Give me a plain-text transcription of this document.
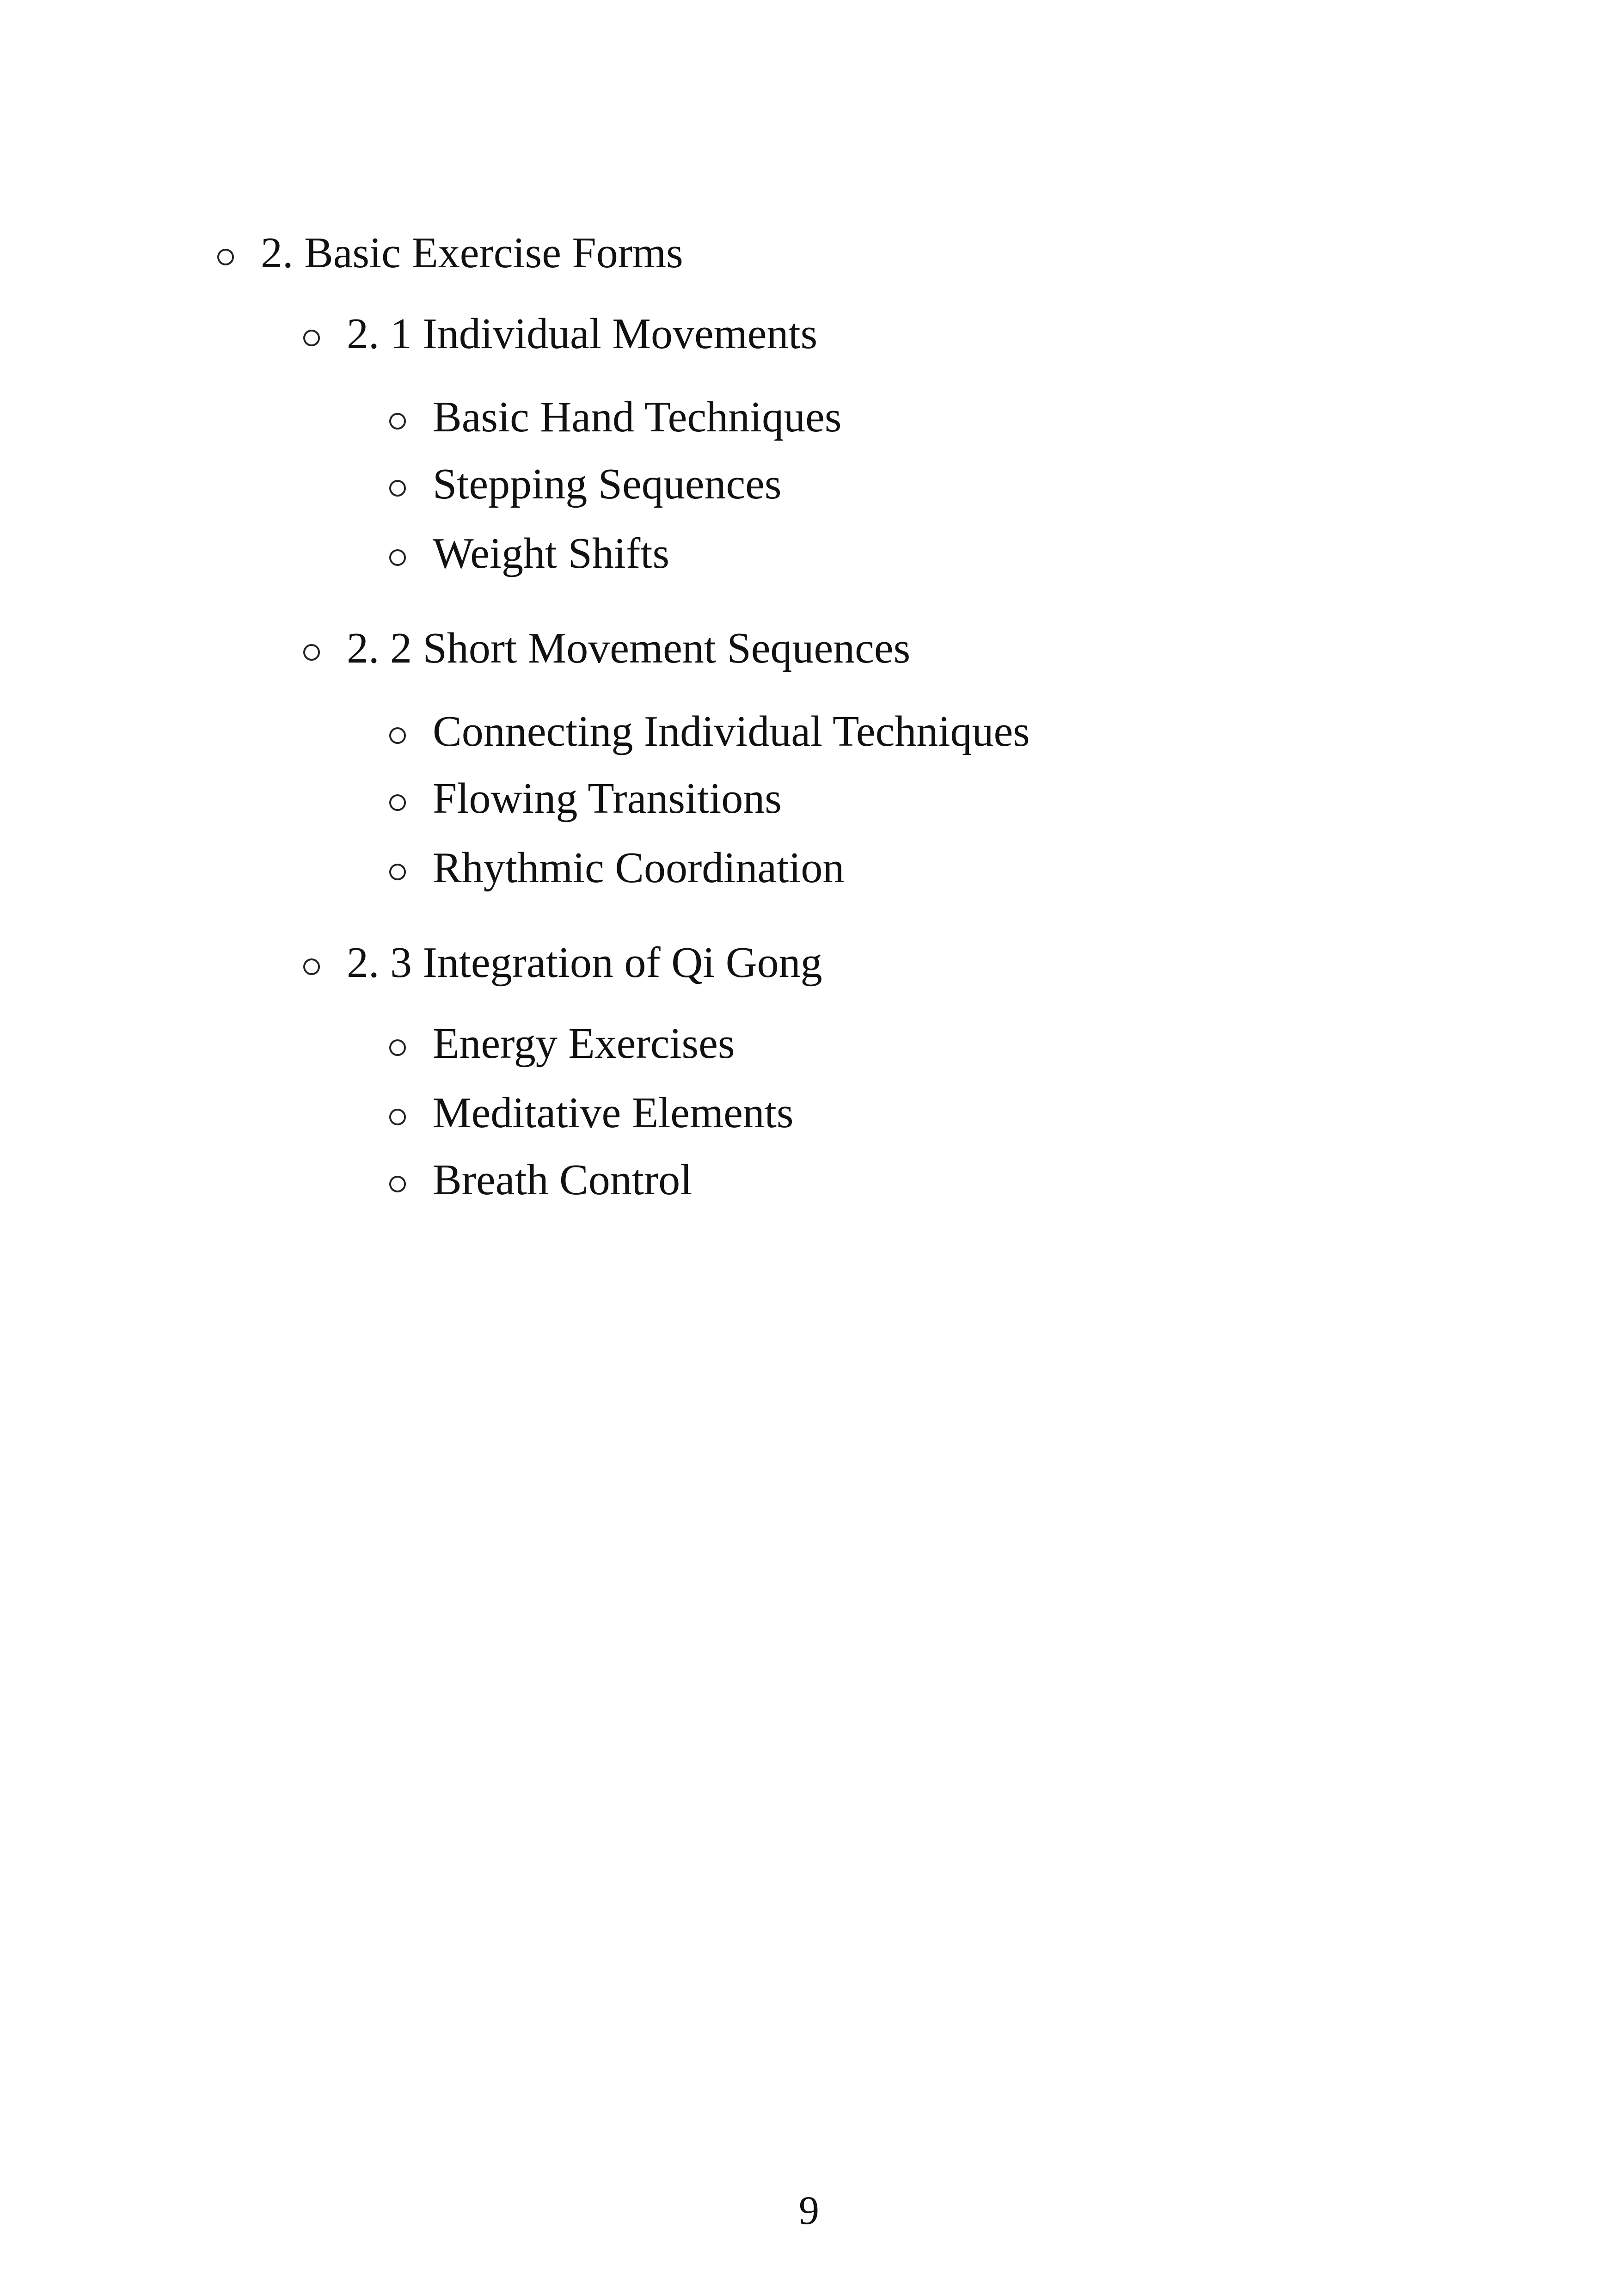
2. Basic Exercise Forms
2. 1 Individual Movements
Basic Hand Techniques
Stepping Sequences
Weight Shifts
2. 2 Short Movement Sequences
Connecting Individual Techniques
Flowing Transitions
Rhythmic Coordination
2. 3 Integration of Qi Gong
Energy Exercises
Meditative Elements
Breath Control
9
